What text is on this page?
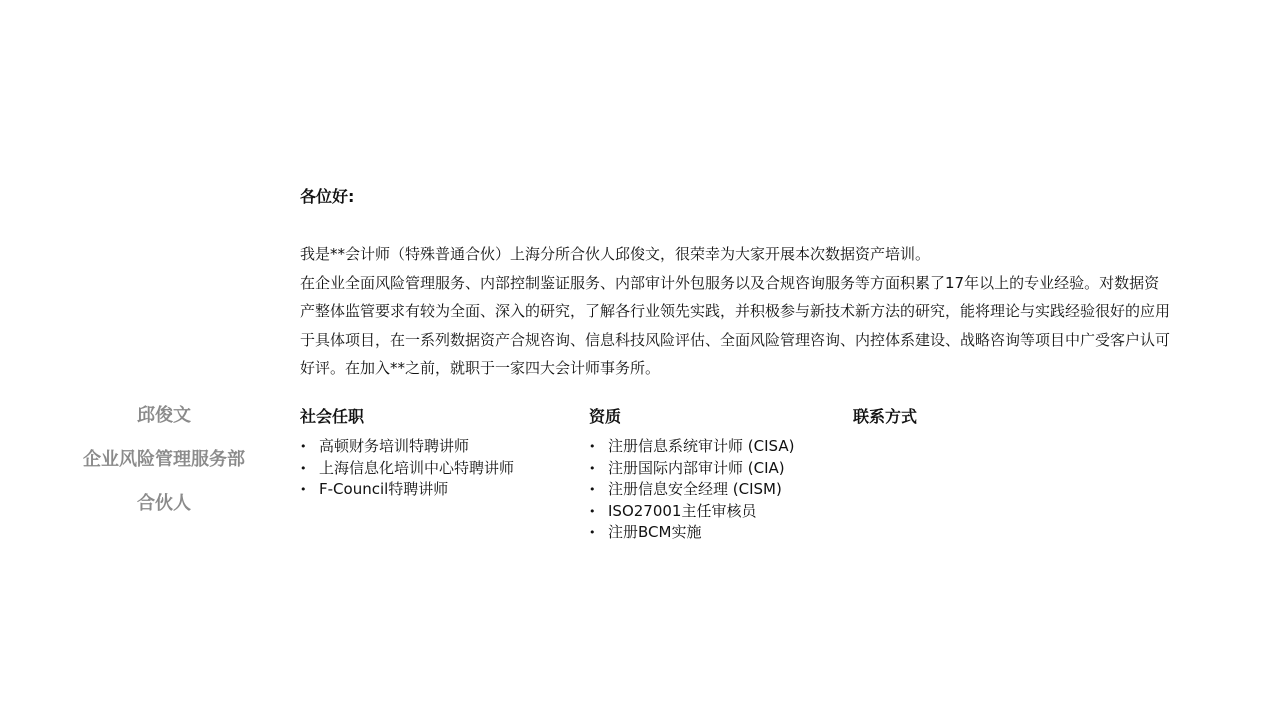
各位好:

我是**会计师（特殊普通合伙）上海分所合伙人邱俊文，很荣幸为大家开展本次数据资产培训。

在企业全面风险管理服务、内部控制鉴证服务、内部审计外包服务以及合规咨询服务等方面积累了17年以上的专业经验。对数据资产整体监管要求有较为全面、深入的研究，了解各行业领先实践，并积极参与新技术新方法的研究，能将理论与实践经验很好的应用于具体项目，在一系列数据资产合规咨询、信息科技风险评估、全面风险管理咨询、内控体系建设、战略咨询等项目中广受客户认可好评。在加入**之前，就职于一家四大会计师事务所。

邱俊文
企业风险管理服务部
合伙人
社会任职
• 高顿财务培训特聘讲师
• 上海信息化培训中心特聘讲师
• F-Council特聘讲师
资质
• 注册信息系统审计师 (CISA)
• 注册国际内部审计师 (CIA)
• 注册信息安全经理 (CISM)
• ISO27001主任审核员
• 注册BCM实施
联系方式
